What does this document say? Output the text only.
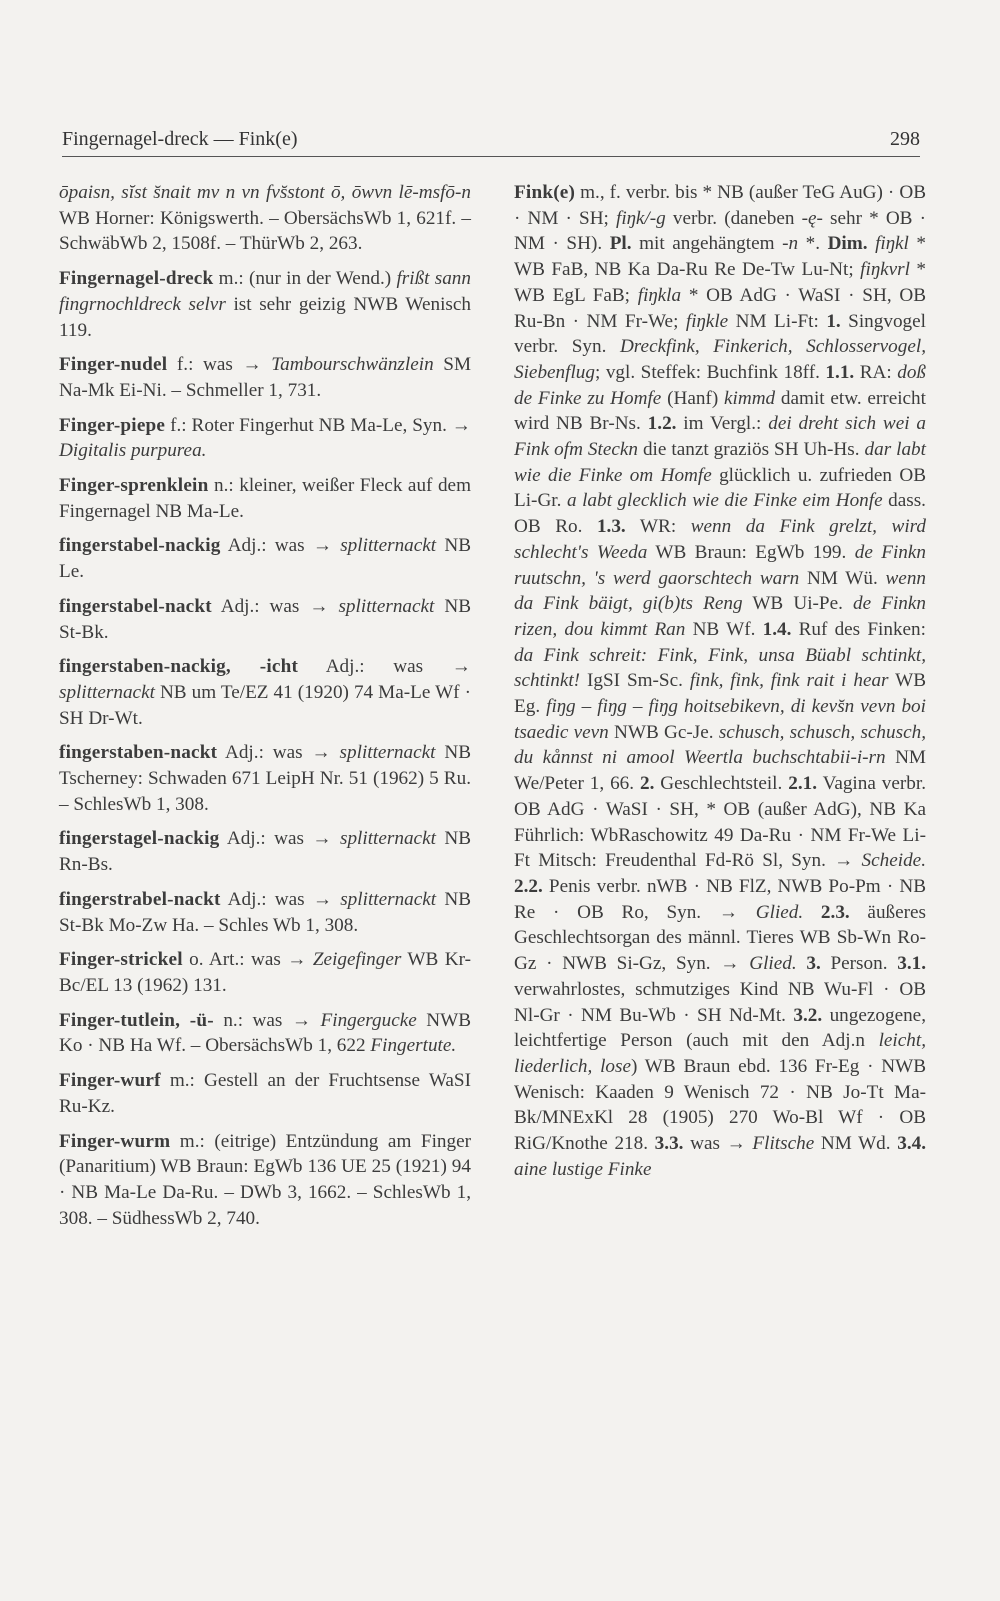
Fingernagel-dreck — Fink(e)	298

ōpaisn, sĭst s̆nait mv n vn fvs̆stont ō, ōwvn lē-msfō-n WB Horner: Königswerth. – ObersächsWb 1, 621f. – SchwäbWb 2, 1508f. – ThürWb 2, 263.

Fingernagel-dreck m.: (nur in der Wend.) frißt sann fingrnochldreck selvr ist sehr geizig NWB Wenisch 119.

Finger-nudel f.: was → Tambourschwänzlein SM Na-Mk Ei-Ni. – Schmeller 1, 731.

Finger-piepe f.: Roter Fingerhut NB Ma-Le, Syn. → Digitalis purpurea.

Finger-sprenklein n.: kleiner, weißer Fleck auf dem Fingernagel NB Ma-Le.

fingerstabel-nackig Adj.: was → splitternackt NB Le.

fingerstabel-nackt Adj.: was → splitternackt NB St-Bk.

fingerstaben-nackig, -icht Adj.: was → splitternackt NB um Te/EZ 41 (1920) 74 Ma-Le Wf · SH Dr-Wt.

fingerstaben-nackt Adj.: was → splitternackt NB Tscherney: Schwaden 671 LeipH Nr. 51 (1962) 5 Ru. – SchlesWb 1, 308.

fingerstagel-nackig Adj.: was → splitternackt NB Rn-Bs.

fingerstrabel-nackt Adj.: was → splitternackt NB St-Bk Mo-Zw Ha. – Schles Wb 1, 308.

Finger-strickel o. Art.: was → Zeigefinger WB Kr-Bc/EL 13 (1962) 131.

Finger-tutlein, -ü- n.: was → Fingergucke NWB Ko · NB Ha Wf. – ObersächsWb 1, 622 Fingertute.

Finger-wurf m.: Gestell an der Fruchtsense WaSI Ru-Kz.

Finger-wurm m.: (eitrige) Entzündung am Finger (Panaritium) WB Braun: EgWb 136 UE 25 (1921) 94 · NB Ma-Le Da-Ru. – DWb 3, 1662. – SchlesWb 1, 308. – SüdhessWb 2, 740.

Fink(e) m., f. verbr. bis * NB (außer TeG AuG) · OB · NM · SH; fiŋk/-g verbr. (daneben -ę- sehr * OB · NM · SH). Pl. mit angehängtem -n *. Dim. fiŋkl * WB FaB, NB Ka Da-Ru Re De-Tw Lu-Nt; fiŋkvrl * WB EgL FaB; fiŋkla * OB AdG · WaSI · SH, OB Ru-Bn · NM Fr-We; fiŋkle NM Li-Ft: 1. Singvogel verbr. Syn. Dreckfink, Finkerich, Schlosservogel, Siebenflug; vgl. Steffek: Buchfink 18ff. 1.1. RA: doß de Finke zu Homfe (Hanf) kimmd damit etw. erreicht wird NB Br-Ns. 1.2. im Vergl.: dei dreht sich wei a Fink ofm Steckn die tanzt graziös SH Uh-Hs. dar labt wie die Finke om Homfe glücklich u. zufrieden OB Li-Gr. a labt glecklich wie die Finke eim Honfe dass. OB Ro. 1.3. WR: wenn da Fink grelzt, wird schlecht's Weeda WB Braun: EgWb 199. de Finkn ruutschn, 's werd gaorschtech warn NM Wü. wenn da Fink bäigt, gi(b)ts Reng WB Ui-Pe. de Finkn rizen, dou kimmt Ran NB Wf. 1.4. Ruf des Finken: da Fink schreit: Fink, Fink, unsa Büabl schtinkt, schtinkt! IgSI Sm-Sc. fink, fink, fink rait i hear WB Eg. fiŋg – fiŋg – fiŋg hoitsebikevn, di kevs̆n vevn boi tsaedic vevn NWB Gc-Je. schusch, schusch, schusch, du kånnst ni amool Weertla buchschtabii-i-rn NM We/Peter 1, 66. 2. Geschlechtsteil. 2.1. Vagina verbr. OB AdG · WaSI · SH, * OB (außer AdG), NB Ka Führlich: WbRaschowitz 49 Da-Ru · NM Fr-We Li-Ft Mitsch: Freudenthal Fd-Rö Sl, Syn. → Scheide. 2.2. Penis verbr. nWB · NB FlZ, NWB Po-Pm · NB Re · OB Ro, Syn. → Glied. 2.3. äußeres Geschlechtsorgan des männl. Tieres WB Sb-Wn Ro-Gz · NWB Si-Gz, Syn. → Glied. 3. Person. 3.1. verwahrlostes, schmutziges Kind NB Wu-Fl · OB Nl-Gr · NM Bu-Wb · SH Nd-Mt. 3.2. ungezogene, leichtfertige Person (auch mit den Adj.n leicht, liederlich, lose) WB Braun ebd. 136 Fr-Eg · NWB Wenisch: Kaaden 9 Wenisch 72 · NB Jo-Tt Ma-Bk/MNExKl 28 (1905) 270 Wo-Bl Wf · OB RiG/Knothe 218. 3.3. was → Flitsche NM Wd. 3.4. aine lustige Finke
